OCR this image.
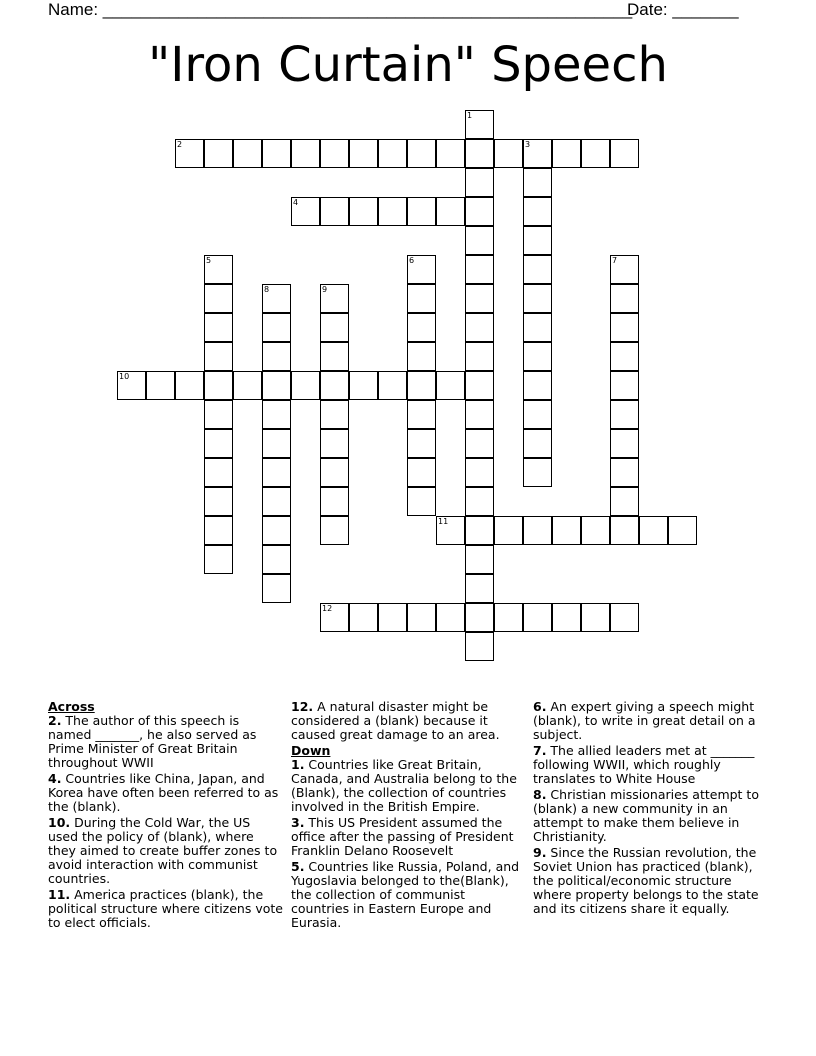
Name: ________________________________________________________
Date: _______
"Iron Curtain" Speech
2	3
4
10
11
12
1
5	6	7
8	9

Across

2. The author of this speech is named _______, he also served as Prime Minister of Great Britain throughout WWII

4. Countries like China, Japan, and Korea have often been referred to as the (blank).

10. During the Cold War, the US used the policy of (blank), where they aimed to create buffer zones to avoid interaction with communist countries.

11. America practices (blank), the political structure where citizens vote to elect officials.

12. A natural disaster might be considered a (blank) because it caused great damage to an area.

Down

1. Countries like Great Britain, Canada, and Australia belong to the (Blank), the collection of countries involved in the British Empire.

3. This US President assumed the office after the passing of President Franklin Delano Roosevelt

5. Countries like Russia, Poland, and Yugoslavia belonged to the(Blank), the collection of communist countries in Eastern Europe and Eurasia.

6. An expert giving a speech might (blank), to write in great detail on a subject.

7. The allied leaders met at _______ following WWII, which roughly translates to White House

8. Christian missionaries attempt to (blank) a new community in an attempt to make them believe in Christianity.

9. Since the Russian revolution, the Soviet Union has practiced (blank), the political/economic structure where property belongs to the state and its citizens share it equally.
